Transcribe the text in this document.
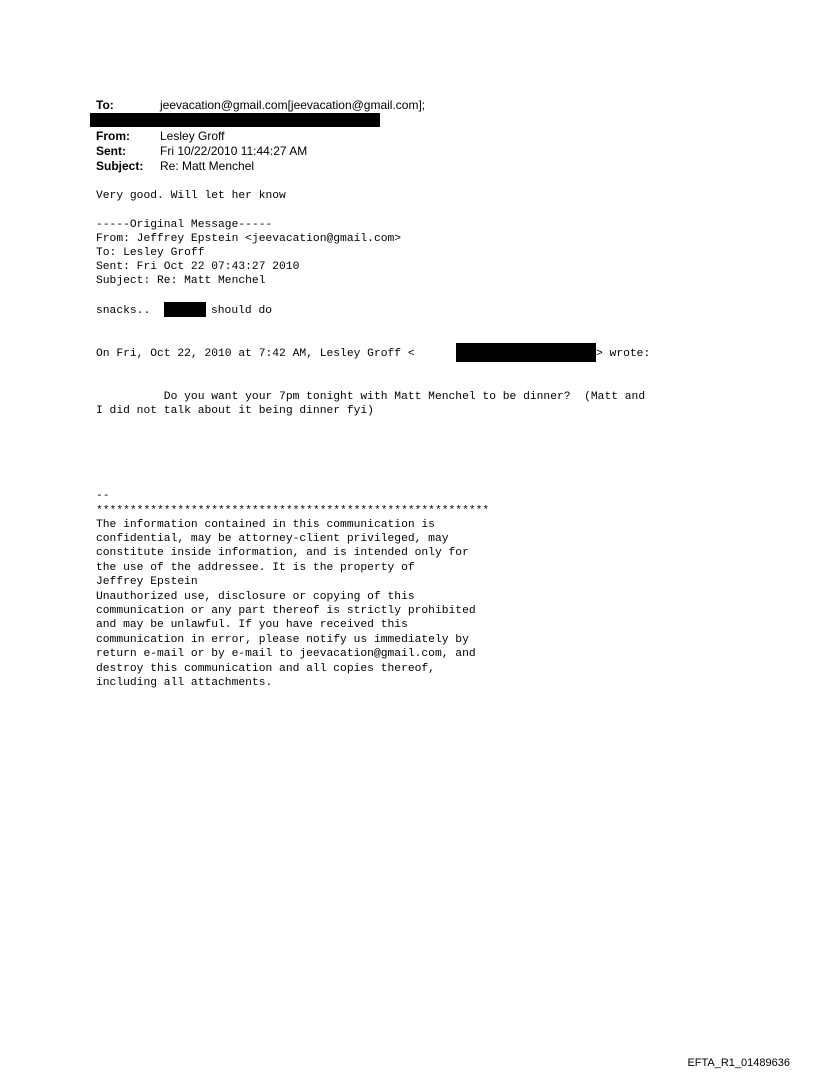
To:	jeevacation@gmail.com[jeevacation@gmail.com];
From:	Lesley Groff
Sent:	Fri 10/22/2010 11:44:27 AM
Subject: Re: Matt Menchel
Very good. Will let her know
-----Original Message-----
From: Jeffrey Epstein <jeevacation@gmail.com>
To: Lesley Groff
Sent: Fri Oct 22 07:43:27 2010
Subject: Re: Matt Menchel
snacks..	should do
On Fri, Oct 22, 2010 at 7:42 AM, Lesley Groff <	> wrote:
Do you want your 7pm tonight with Matt Menchel to be dinner?  (Matt and
I did not talk about it being dinner fyi)
--
**********************************************************
The information contained in this communication is
confidential, may be attorney-client privileged, may
constitute inside information, and is intended only for
the use of the addressee. It is the property of
Jeffrey Epstein
Unauthorized use, disclosure or copying of this
communication or any part thereof is strictly prohibited
and may be unlawful. If you have received this
communication in error, please notify us immediately by
return e-mail or by e-mail to jeevacation@gmail.com, and
destroy this communication and all copies thereof,
including all attachments.
EFTA_R1_01489636
